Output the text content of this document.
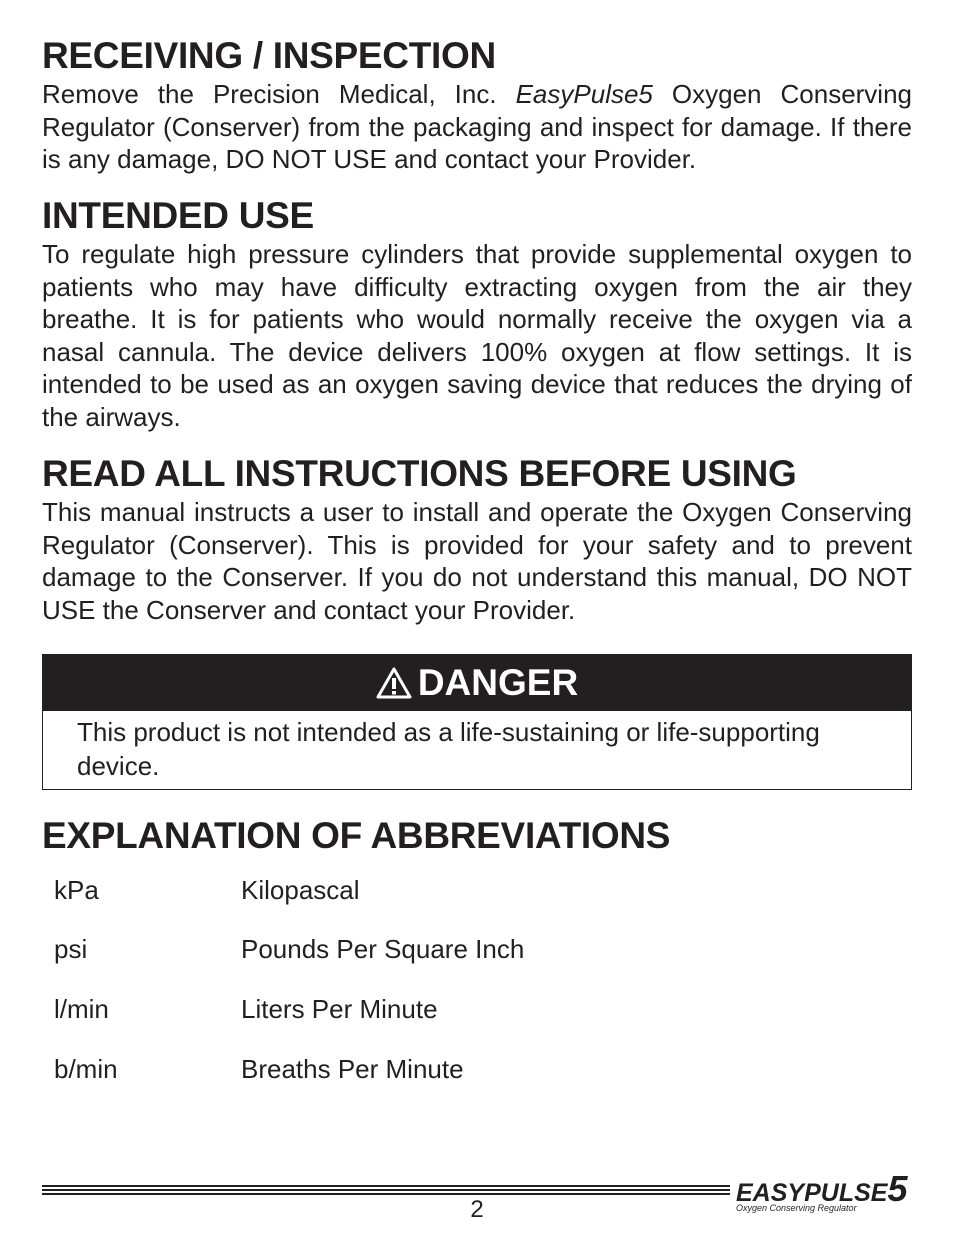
RECEIVING / INSPECTION

Remove the Precision Medical, Inc. EasyPulse5 Oxygen Conserving Regulator (Conserver) from the packaging and inspect for damage. If there is any damage, DO NOT USE and contact your Provider.

INTENDED USE

To regulate high pressure cylinders that provide supplemental oxygen to patients who may have difficulty extracting oxygen from the air they breathe. It is for patients who would normally receive the oxygen via a nasal cannula. The device delivers 100% oxygen at flow settings. It is intended to be used as an oxygen saving device that reduces the drying of the airways.

READ ALL INSTRUCTIONS BEFORE USING

This manual instructs a user to install and operate the Oxygen Conserving Regulator (Conserver). This is provided for your safety and to prevent damage to the Conserver. If you do not understand this manual, DO NOT USE the Conserver and contact your Provider.

DANGER
This product is not intended as a life-sustaining or life-supporting device.
EXPLANATION OF ABBREVIATIONS
kPa	Kilopascal
psi	Pounds Per Square Inch
l/min	Liters Per Minute
b/min	Breaths Per Minute
2
EASYPULSE5
Oxygen Conserving Regulator
